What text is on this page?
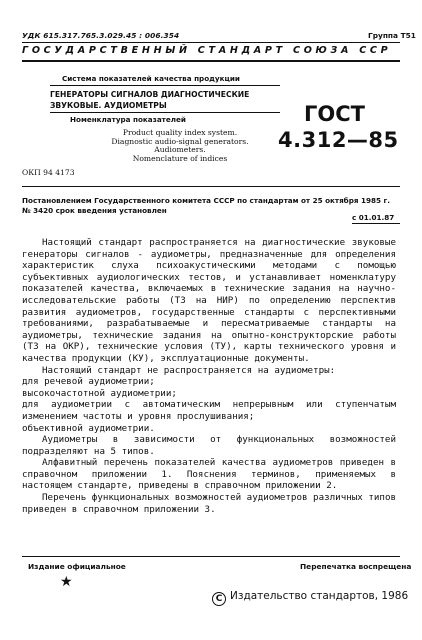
УДК 615.317.765.3.029.45 : 006.354	Группа Т51
ГОСУДАРСТВЕННЫЙ СТАНДАРТ СОЮЗА ССР
Система показателей качества продукции
ГЕНЕРАТОРЫ СИГНАЛОВ ДИАГНОСТИЧЕСКИЕ
ЗВУКОВЫЕ. АУДИОМЕТРЫ
Номенклатура показателей
Product quality index system.
Diagnostic audio-signal generators. Audiometers.
Nomenclature of indices
ГОСТ
4.312—85
ОКП 94 4173
Постановлением Государственного комитета СССР по стандартам от 25 октября 1985 г. № 3420 срок введения установлен
с 01.01.87

Настоящий стандарт распространяется на диагностические звуковые генераторы сигналов - аудиометры, предназначенные для определения характеристик слуха психоакустическими методами с помощью субъективных аудиологических тестов, и устанавливает номенклатуру показателей качества, включаемых в технические задания на научно-исследовательские работы (ТЗ на НИР) по определению перспектив развития аудиометров, государственные стандарты с перспективными требованиями, разрабатываемые и пересматриваемые стандарты на аудиометры, технические задания на опытно-конструкторские работы (ТЗ на ОКР), технические условия (ТУ), карты технического уровня и качества продукции (КУ), эксплуатационные документы.

Настоящий стандарт не распространяется на аудиометры:

для речевой аудиометрии;

высокочастотной аудиометрии;

для аудиометрии с автоматическим непрерывным или ступенчатым изменением частоты и уровня прослушивания;

объективной аудиометрии.

Аудиометры в зависимости от функциональных возможностей подразделяют на 5 типов.

Алфавитный перечень показателей качества аудиометров приведен в справочном приложении 1. Пояснения терминов, применяемых в настоящем стандарте, приведены в справочном приложении 2.

Перечень функциональных возможностей аудиометров различных типов приведен в справочном приложении 3.

Издание официальное	Перепечатка воспрещена
★
C Издательство стандартов, 1986
